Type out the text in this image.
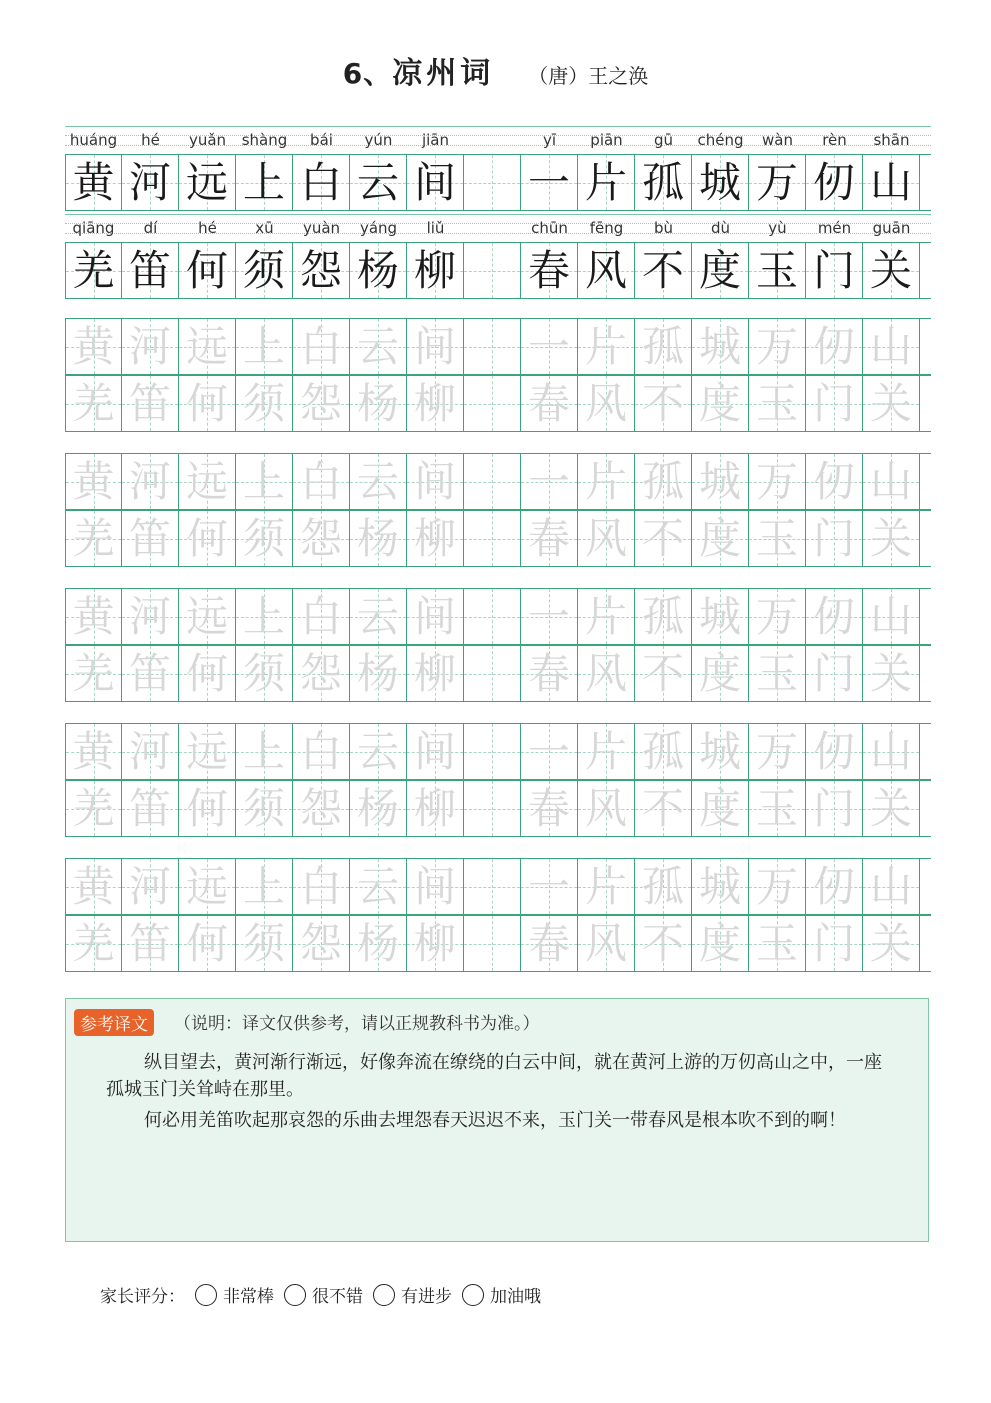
6、凉州词 （唐）王之涣
huáng	hé	yuǎn	shàng	bái	yún	jiān	yī	piān	gū	chéng	wàn	rèn	shān
黄 河 远 上 白 云 间 一 片 孤 城 万 仞 山
qiāng	dí	hé	xū	yuàn	yáng	liǔ	chūn	fēng	bù	dù	yù	mén	guān
羌 笛 何 须 怨 杨 柳 春 风 不 度 玉 门 关
黄 河 远 上 白 云 间 一 片 孤 城 万 仞 山
羌 笛 何 须 怨 杨 柳 春 风 不 度 玉 门 关
黄 河 远 上 白 云 间 一 片 孤 城 万 仞 山
羌 笛 何 须 怨 杨 柳 春 风 不 度 玉 门 关
黄 河 远 上 白 云 间 一 片 孤 城 万 仞 山
羌 笛 何 须 怨 杨 柳 春 风 不 度 玉 门 关
黄 河 远 上 白 云 间 一 片 孤 城 万 仞 山
羌 笛 何 须 怨 杨 柳 春 风 不 度 玉 门 关
黄 河 远 上 白 云 间 一 片 孤 城 万 仞 山
羌 笛 何 须 怨 杨 柳 春 风 不 度 玉 门 关
参考译文	（说明：译文仅供参考，请以正规教科书为准。）
纵目望去，黄河渐行渐远，好像奔流在缭绕的白云中间，就在黄河上游的万仞高山之中，一座孤城玉门关耸峙在那里。
何必用羌笛吹起那哀怨的乐曲去埋怨春天迟迟不来，玉门关一带春风是根本吹不到的啊！
家长评分： 非常棒 很不错 有进步 加油哦
